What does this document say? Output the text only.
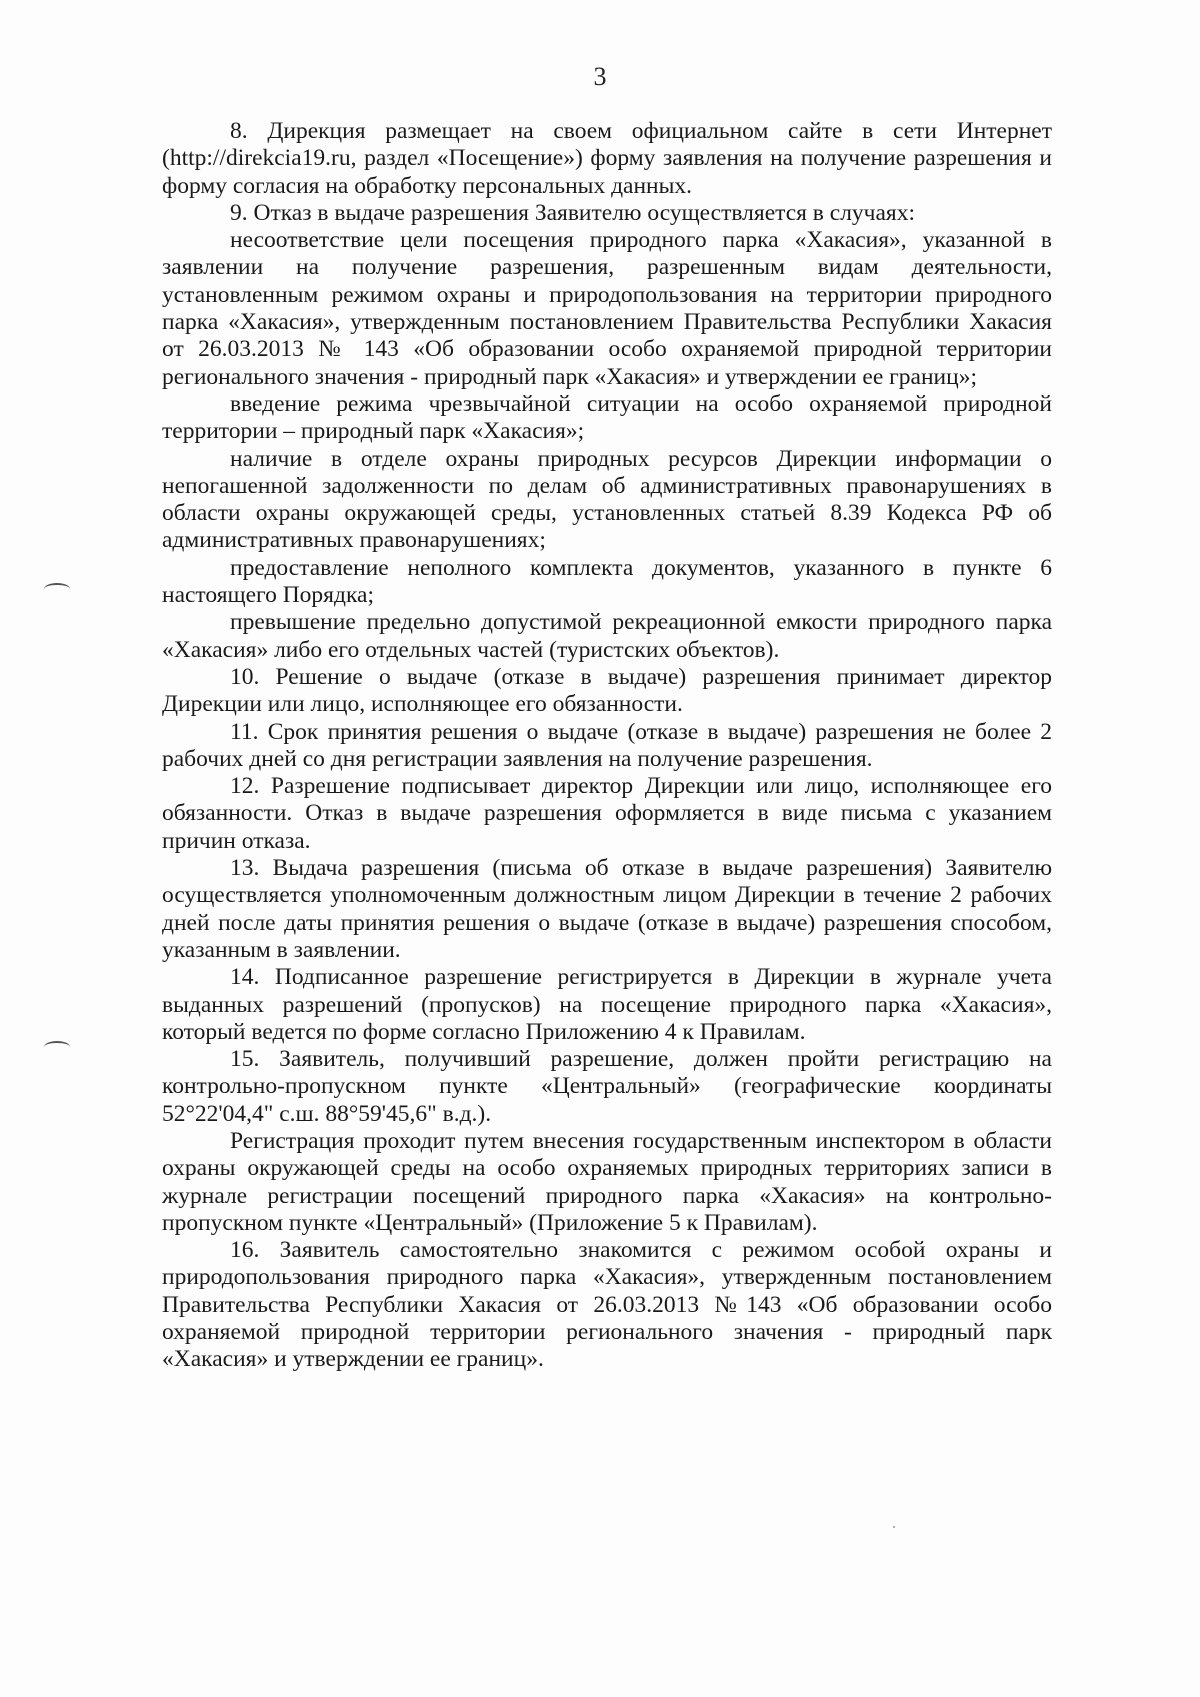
3

8. Дирекция размещает на своем официальном сайте в сети Интернет (http://direkcia19.ru, раздел «Посещение») форму заявления на получение разрешения и форму согласия на обработку персональных данных.

9. Отказ в выдаче разрешения Заявителю осуществляется в случаях:

несоответствие цели посещения природного парка «Хакасия», указанной в заявлении на получение разрешения, разрешенным видам деятельности, установленным режимом охраны и природопользования на территории природного парка «Хакасия», утвержденным постановлением Правительства Республики Хакасия от 26.03.2013 № 143 «Об образовании особо охраняемой природной территории регионального значения - природный парк «Хакасия» и утверждении ее границ»;

введение режима чрезвычайной ситуации на особо охраняемой природной территории – природный парк «Хакасия»;

наличие в отделе охраны природных ресурсов Дирекции информации о непогашенной задолженности по делам об административных правонарушениях в области охраны окружающей среды, установленных статьей 8.39 Кодекса РФ об административных правонарушениях;

предоставление неполного комплекта документов, указанного в пункте 6 настоящего Порядка;

превышение предельно допустимой рекреационной емкости природного парка «Хакасия» либо его отдельных частей (туристских объектов).

10. Решение о выдаче (отказе в выдаче) разрешения принимает директор Дирекции или лицо, исполняющее его обязанности.

11. Срок принятия решения о выдаче (отказе в выдаче) разрешения не более 2 рабочих дней со дня регистрации заявления на получение разрешения.

12. Разрешение подписывает директор Дирекции или лицо, исполняющее его обязанности. Отказ в выдаче разрешения оформляется в виде письма с указанием причин отказа.

13. Выдача разрешения (письма об отказе в выдаче разрешения) Заявителю осуществляется уполномоченным должностным лицом Дирекции в течение 2 рабочих дней после даты принятия решения о выдаче (отказе в выдаче) разрешения способом, указанным в заявлении.

14. Подписанное разрешение регистрируется в Дирекции в журнале учета выданных разрешений (пропусков) на посещение природного парка «Хакасия», который ведется по форме согласно Приложению 4 к Правилам.

15. Заявитель, получивший разрешение, должен пройти регистрацию на контрольно-пропускном пункте «Центральный» (географические координаты 52°22'04,4" с.ш. 88°59'45,6" в.д.).

Регистрация проходит путем внесения государственным инспектором в области охраны окружающей среды на особо охраняемых природных территориях записи в журнале регистрации посещений природного парка «Хакасия» на контрольно-пропускном пункте «Центральный» (Приложение 5 к Правилам).

16. Заявитель самостоятельно знакомится с режимом особой охраны и природопользования природного парка «Хакасия», утвержденным постановлением Правительства Республики Хакасия от 26.03.2013 №143 «Об образовании особо охраняемой природной территории регионального значения - природный парк «Хакасия» и утверждении ее границ».
